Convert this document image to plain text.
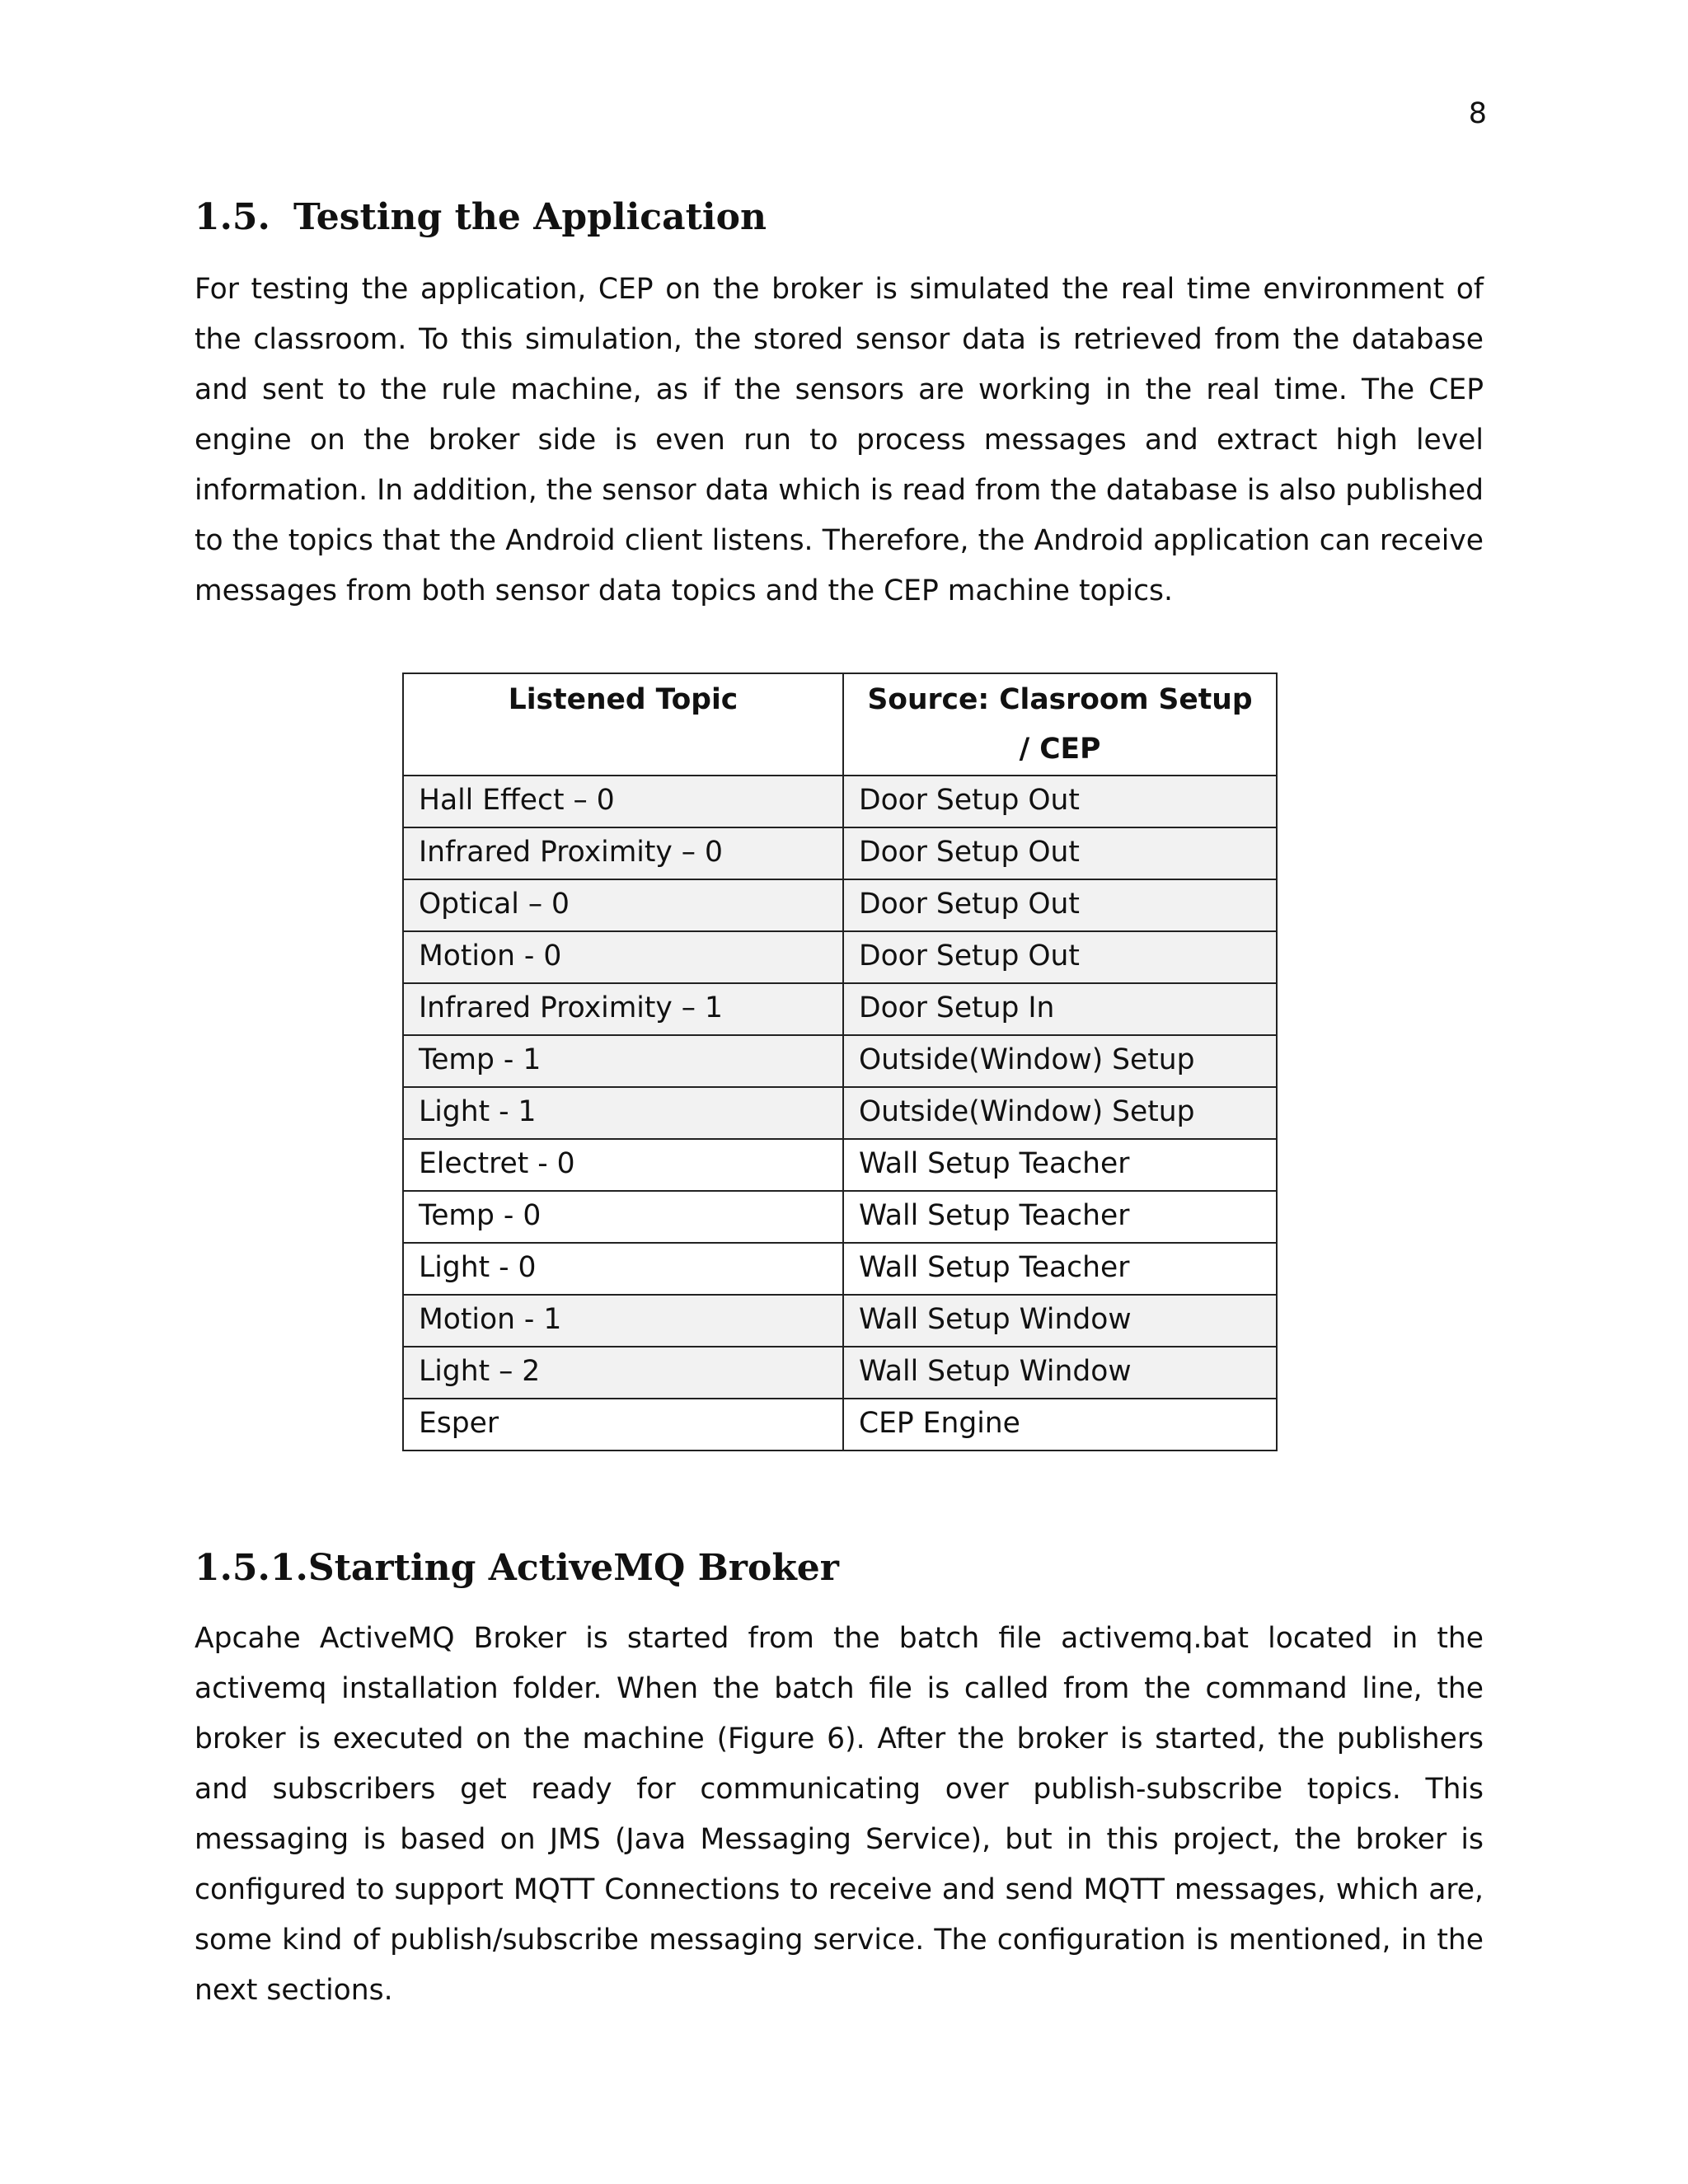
8
1.5. Testing the Application

For testing the application, CEP on the broker is simulated the real time environment of the classroom. To this simulation, the stored sensor data is retrieved from the database and sent to the rule machine, as if the sensors are working in the real time. The CEP engine on the broker side is even run to process messages and extract high level information. In addition, the sensor data which is read from the database is also published to the topics that the Android client listens. Therefore, the Android application can receive messages from both sensor data topics and the CEP machine topics.

Listened Topic	Source: Clasroom Setup / CEP
Hall Effect – 0	Door Setup Out
Infrared Proximity – 0	Door Setup Out
Optical – 0	Door Setup Out
Motion - 0	Door Setup Out
Infrared Proximity – 1	Door Setup In
Temp - 1	Outside(Window) Setup
Light - 1	Outside(Window) Setup
Electret - 0	Wall Setup Teacher
Temp - 0	Wall Setup Teacher
Light - 0	Wall Setup Teacher
Motion - 1	Wall Setup Window
Light – 2	Wall Setup Window
Esper	CEP Engine
1.5.1.Starting ActiveMQ Broker

Apcahe ActiveMQ Broker is started from the batch file activemq.bat located in the activemq installation folder. When the batch file is called from the command line, the broker is executed on the machine (Figure 6). After the broker is started, the publishers and subscribers get ready for communicating over publish-subscribe topics. This messaging is based on JMS (Java Messaging Service), but in this project, the broker is configured to support MQTT Connections to receive and send MQTT messages, which are, some kind of publish/subscribe messaging service. The configuration is mentioned, in the next sections.
